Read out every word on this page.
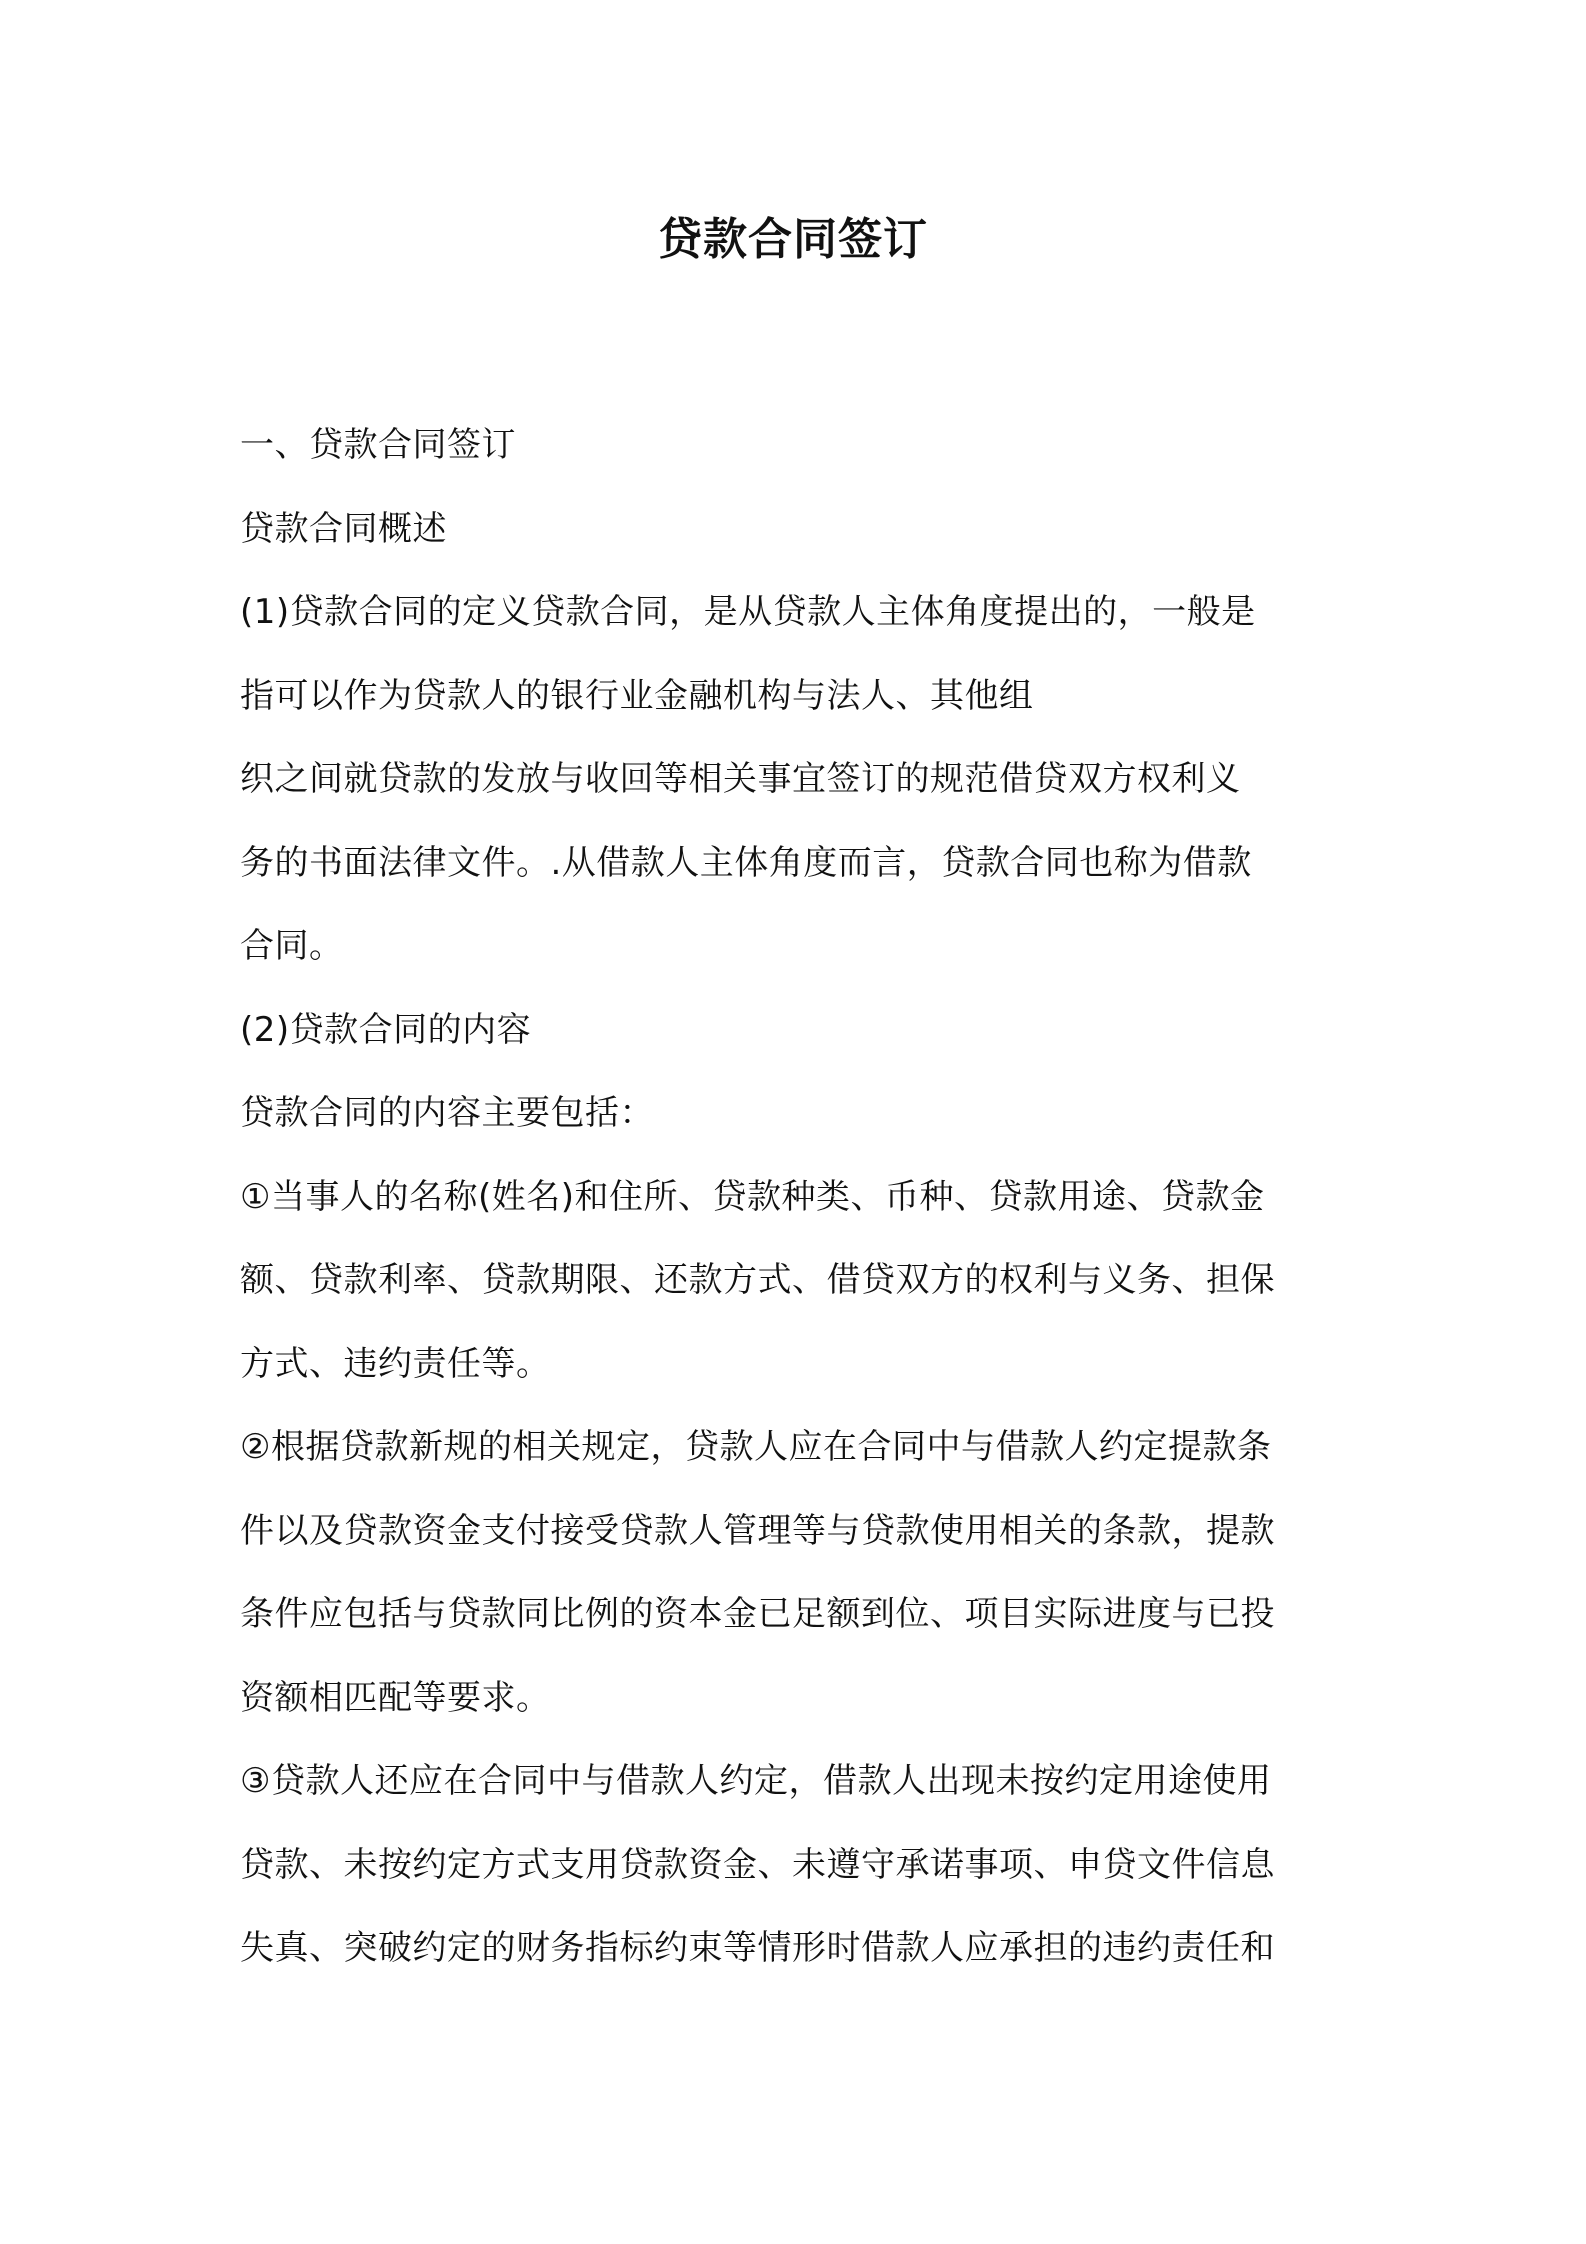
贷款合同签订
一、贷款合同签订
贷款合同概述
(1)贷款合同的定义贷款合同，是从贷款人主体角度提出的，一般是
指可以作为贷款人的银行业金融机构与法人、其他组
织之间就贷款的发放与收回等相关事宜签订的规范借贷双方权利义
务的书面法律文件。.从借款人主体角度而言，贷款合同也称为借款
合同。
(2)贷款合同的内容
贷款合同的内容主要包括：
①当事人的名称(姓名)和住所、贷款种类、币种、贷款用途、贷款金
额、贷款利率、贷款期限、还款方式、借贷双方的权利与义务、担保
方式、违约责任等。
②根据贷款新规的相关规定，贷款人应在合同中与借款人约定提款条
件以及贷款资金支付接受贷款人管理等与贷款使用相关的条款，提款
条件应包括与贷款同比例的资本金已足额到位、项目实际进度与已投
资额相匹配等要求。
③贷款人还应在合同中与借款人约定，借款人出现未按约定用途使用
贷款、未按约定方式支用贷款资金、未遵守承诺事项、申贷文件信息
失真、突破约定的财务指标约束等情形时借款人应承担的违约责任和
